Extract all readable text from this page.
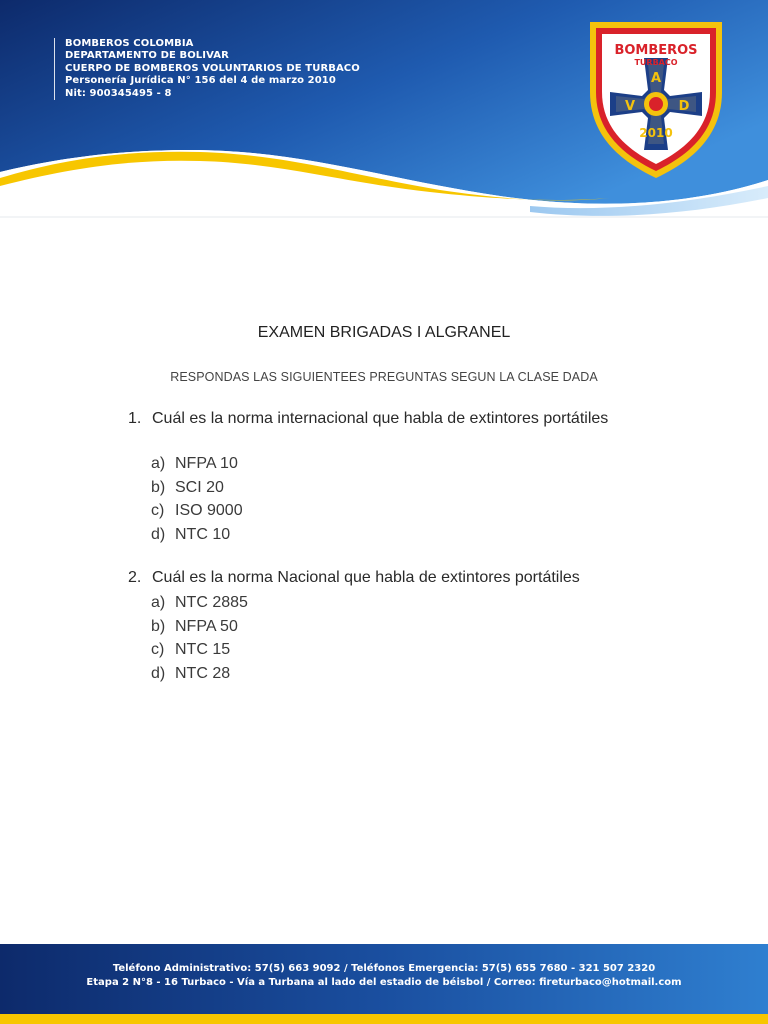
BOMBEROS COLOMBIA
DEPARTAMENTO DE BOLIVAR
CUERPO DE BOMBEROS VOLUNTARIOS DE TURBACO
Personería Jurídica N° 156 del 4 de marzo 2010
Nit: 900345495 - 8
BOMBEROS
TURBACO
A
V	D
2010
EXAMEN BRIGADAS I ALGRANEL
RESPONDAS LAS SIGUIENTEES PREGUNTAS SEGUN LA CLASE DADA
1. Cuál es la norma internacional que habla de extintores portátiles
a) NFPA 10
b) SCI 20
c) ISO 9000
d) NTC 10
2. Cuál es la norma Nacional que habla de extintores portátiles
a) NTC 2885
b) NFPA 50
c) NTC 15
d) NTC 28
Teléfono Administrativo: 57(5) 663 9092 / Teléfonos Emergencia: 57(5) 655 7680 - 321 507 2320
Etapa 2 N°8 - 16 Turbaco - Vía a Turbana al lado del estadio de béisbol / Correo: fireturbaco@hotmail.com
